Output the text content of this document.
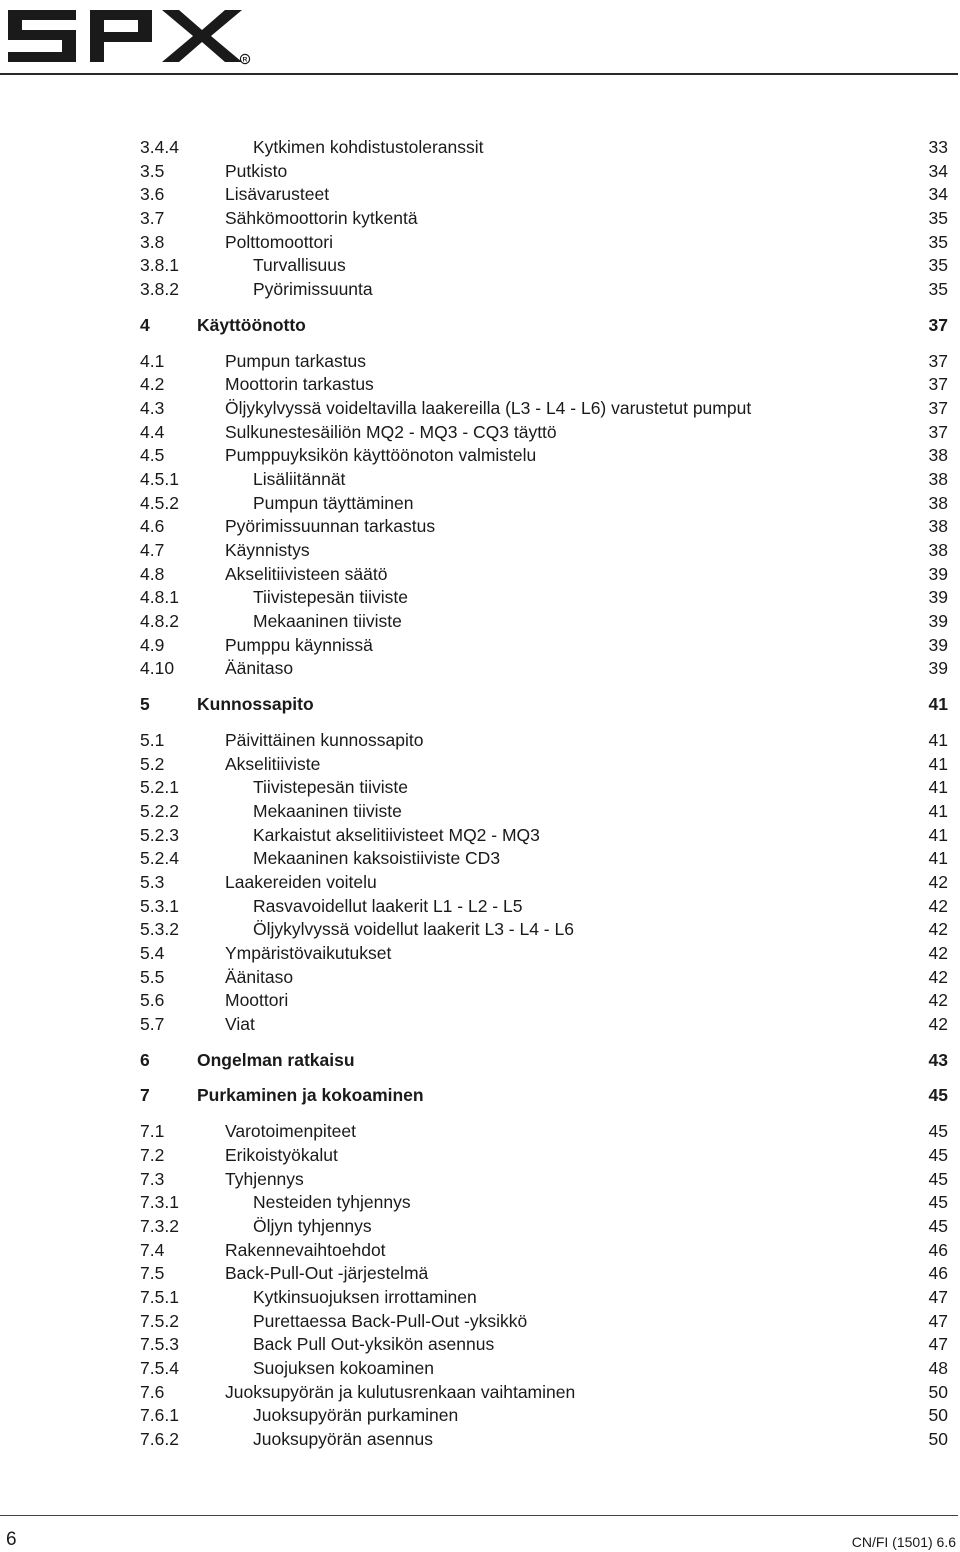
R
3.4.4	Kytkimen kohdistustoleranssit	33
3.5	Putkisto	34
3.6	Lisävarusteet	34
3.7	Sähkömoottorin kytkentä	35
3.8	Polttomoottori	35
3.8.1	Turvallisuus	35
3.8.2	Pyörimissuunta	35
4	Käyttöönotto	37
4.1	Pumpun tarkastus	37
4.2	Moottorin tarkastus	37
4.3	Öljykylvyssä voideltavilla laakereilla (L3 - L4 - L6) varustetut pumput	37
4.4	Sulkunestesäiliön MQ2 - MQ3 - CQ3 täyttö	37
4.5	Pumppuyksikön käyttöönoton valmistelu	38
4.5.1	Lisäliitännät	38
4.5.2	Pumpun täyttäminen	38
4.6	Pyörimissuunnan tarkastus	38
4.7	Käynnistys	38
4.8	Akselitiivisteen säätö	39
4.8.1	Tiivistepesän tiiviste	39
4.8.2	Mekaaninen tiiviste	39
4.9	Pumppu käynnissä	39
4.10	Äänitaso	39
5	Kunnossapito	41
5.1	Päivittäinen kunnossapito	41
5.2	Akselitiiviste	41
5.2.1	Tiivistepesän tiiviste	41
5.2.2	Mekaaninen tiiviste	41
5.2.3	Karkaistut akselitiivisteet MQ2 - MQ3	41
5.2.4	Mekaaninen kaksoistiiviste CD3	41
5.3	Laakereiden voitelu	42
5.3.1	Rasvavoidellut laakerit L1 - L2 - L5	42
5.3.2	Öljykylvyssä voidellut laakerit L3 - L4 - L6	42
5.4	Ympäristövaikutukset	42
5.5	Äänitaso	42
5.6	Moottori	42
5.7	Viat	42
6	Ongelman ratkaisu	43
7	Purkaminen ja kokoaminen	45
7.1	Varotoimenpiteet	45
7.2	Erikoistyökalut	45
7.3	Tyhjennys	45
7.3.1	Nesteiden tyhjennys	45
7.3.2	Öljyn tyhjennys	45
7.4	Rakennevaihtoehdot	46
7.5	Back-Pull-Out -järjestelmä	46
7.5.1	Kytkinsuojuksen irrottaminen	47
7.5.2	Purettaessa Back-Pull-Out -yksikkö	47
7.5.3	Back Pull Out-yksikön asennus	47
7.5.4	Suojuksen kokoaminen	48
7.6	Juoksupyörän ja kulutusrenkaan vaihtaminen	50
7.6.1	Juoksupyörän purkaminen	50
7.6.2	Juoksupyörän asennus	50
6	CN/FI (1501) 6.6
